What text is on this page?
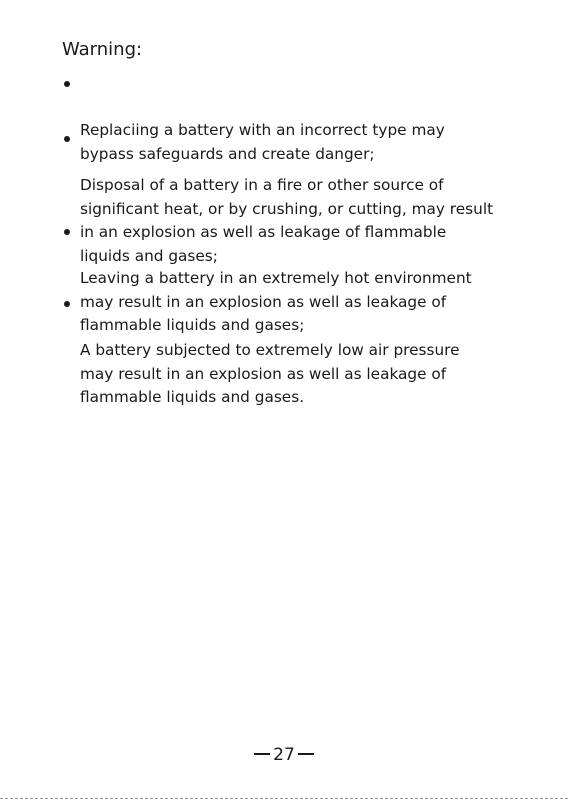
Warning:

Replaciing a battery with an incorrect type may
bypass safeguards and create danger;

Disposal of a battery in a fire or other source of
significant heat, or by crushing, or cutting, may result
in an explosion as well as leakage of flammable
liquids and gases;

Leaving a battery in an extremely hot environment
may result in an explosion as well as leakage of
flammable liquids and gases;

A battery subjected to extremely low air pressure
may result in an explosion as well as leakage of
flammable liquids and gases.

27
